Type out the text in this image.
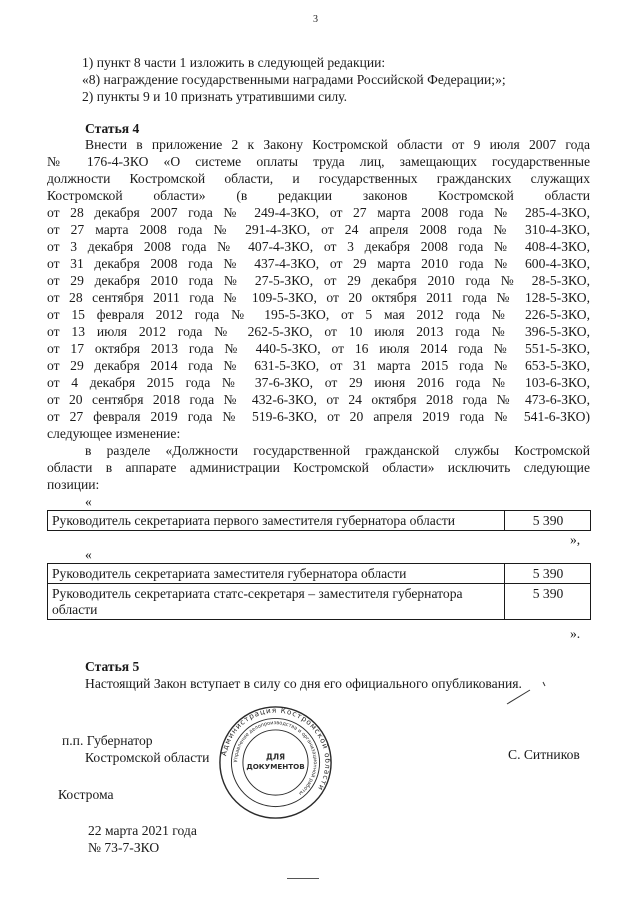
3
1) пункт 8 части 1 изложить в следующей редакции:
«8) награждение государственными наградами Российской Федерации;»;
2) пункты 9 и 10 признать утратившими силу.
Статья 4
Внести в приложение 2 к Закону Костромской области от 9 июля 2007 года
№ 176-4-ЗКО «О системе оплаты труда лиц, замещающих государственные
должности Костромской области, и государственных гражданских служащих
Костромской области» (в редакции законов Костромской области
от 28 декабря 2007 года № 249-4-ЗКО, от 27 марта 2008 года № 285-4-ЗКО,
от 27 марта 2008 года № 291-4-ЗКО, от 24 апреля 2008 года № 310-4-ЗКО,
от 3 декабря 2008 года № 407-4-ЗКО, от 3 декабря 2008 года № 408-4-ЗКО,
от 31 декабря 2008 года № 437-4-ЗКО, от 29 марта 2010 года № 600-4-ЗКО,
от 29 декабря 2010 года № 27-5-ЗКО, от 29 декабря 2010 года № 28-5-ЗКО,
от 28 сентября 2011 года № 109-5-ЗКО, от 20 октября 2011 года № 128-5-ЗКО,
от 15 февраля 2012 года № 195-5-ЗКО, от 5 мая 2012 года № 226-5-ЗКО,
от 13 июля 2012 года № 262-5-ЗКО, от 10 июля 2013 года № 396-5-ЗКО,
от 17 октября 2013 года № 440-5-ЗКО, от 16 июля 2014 года № 551-5-ЗКО,
от 29 декабря 2014 года № 631-5-ЗКО, от 31 марта 2015 года № 653-5-ЗКО,
от 4 декабря 2015 года № 37-6-ЗКО, от 29 июня 2016 года № 103-6-ЗКО,
от 20 сентября 2018 года № 432-6-ЗКО, от 24 октября 2018 года № 473-6-ЗКО,
от 27 февраля 2019 года № 519-6-ЗКО, от 20 апреля 2019 года № 541-6-ЗКО)
следующее изменение:
в разделе «Должности государственной гражданской службы Костромской
области в аппарате администрации Костромской области» исключить следующие
позиции:
«
Руководитель секретариата первого заместителя губернатора области	5 390
»,
«
Руководитель секретариата заместителя губернатора области	5 390
Руководитель секретариата статс-секретаря – заместителя губернатора
области	5 390
».
Статья 5
Настоящий Закон вступает в силу со дня его официального опубликования.
п.п. Губернатор
Костромской области	С. Ситников
Кострома
22 марта 2021 года
№ 73-7-ЗКО
Администрация Костромской области
Управление делопроизводства и организационной работы
ДЛЯ
ДОКУМЕНТОВ
